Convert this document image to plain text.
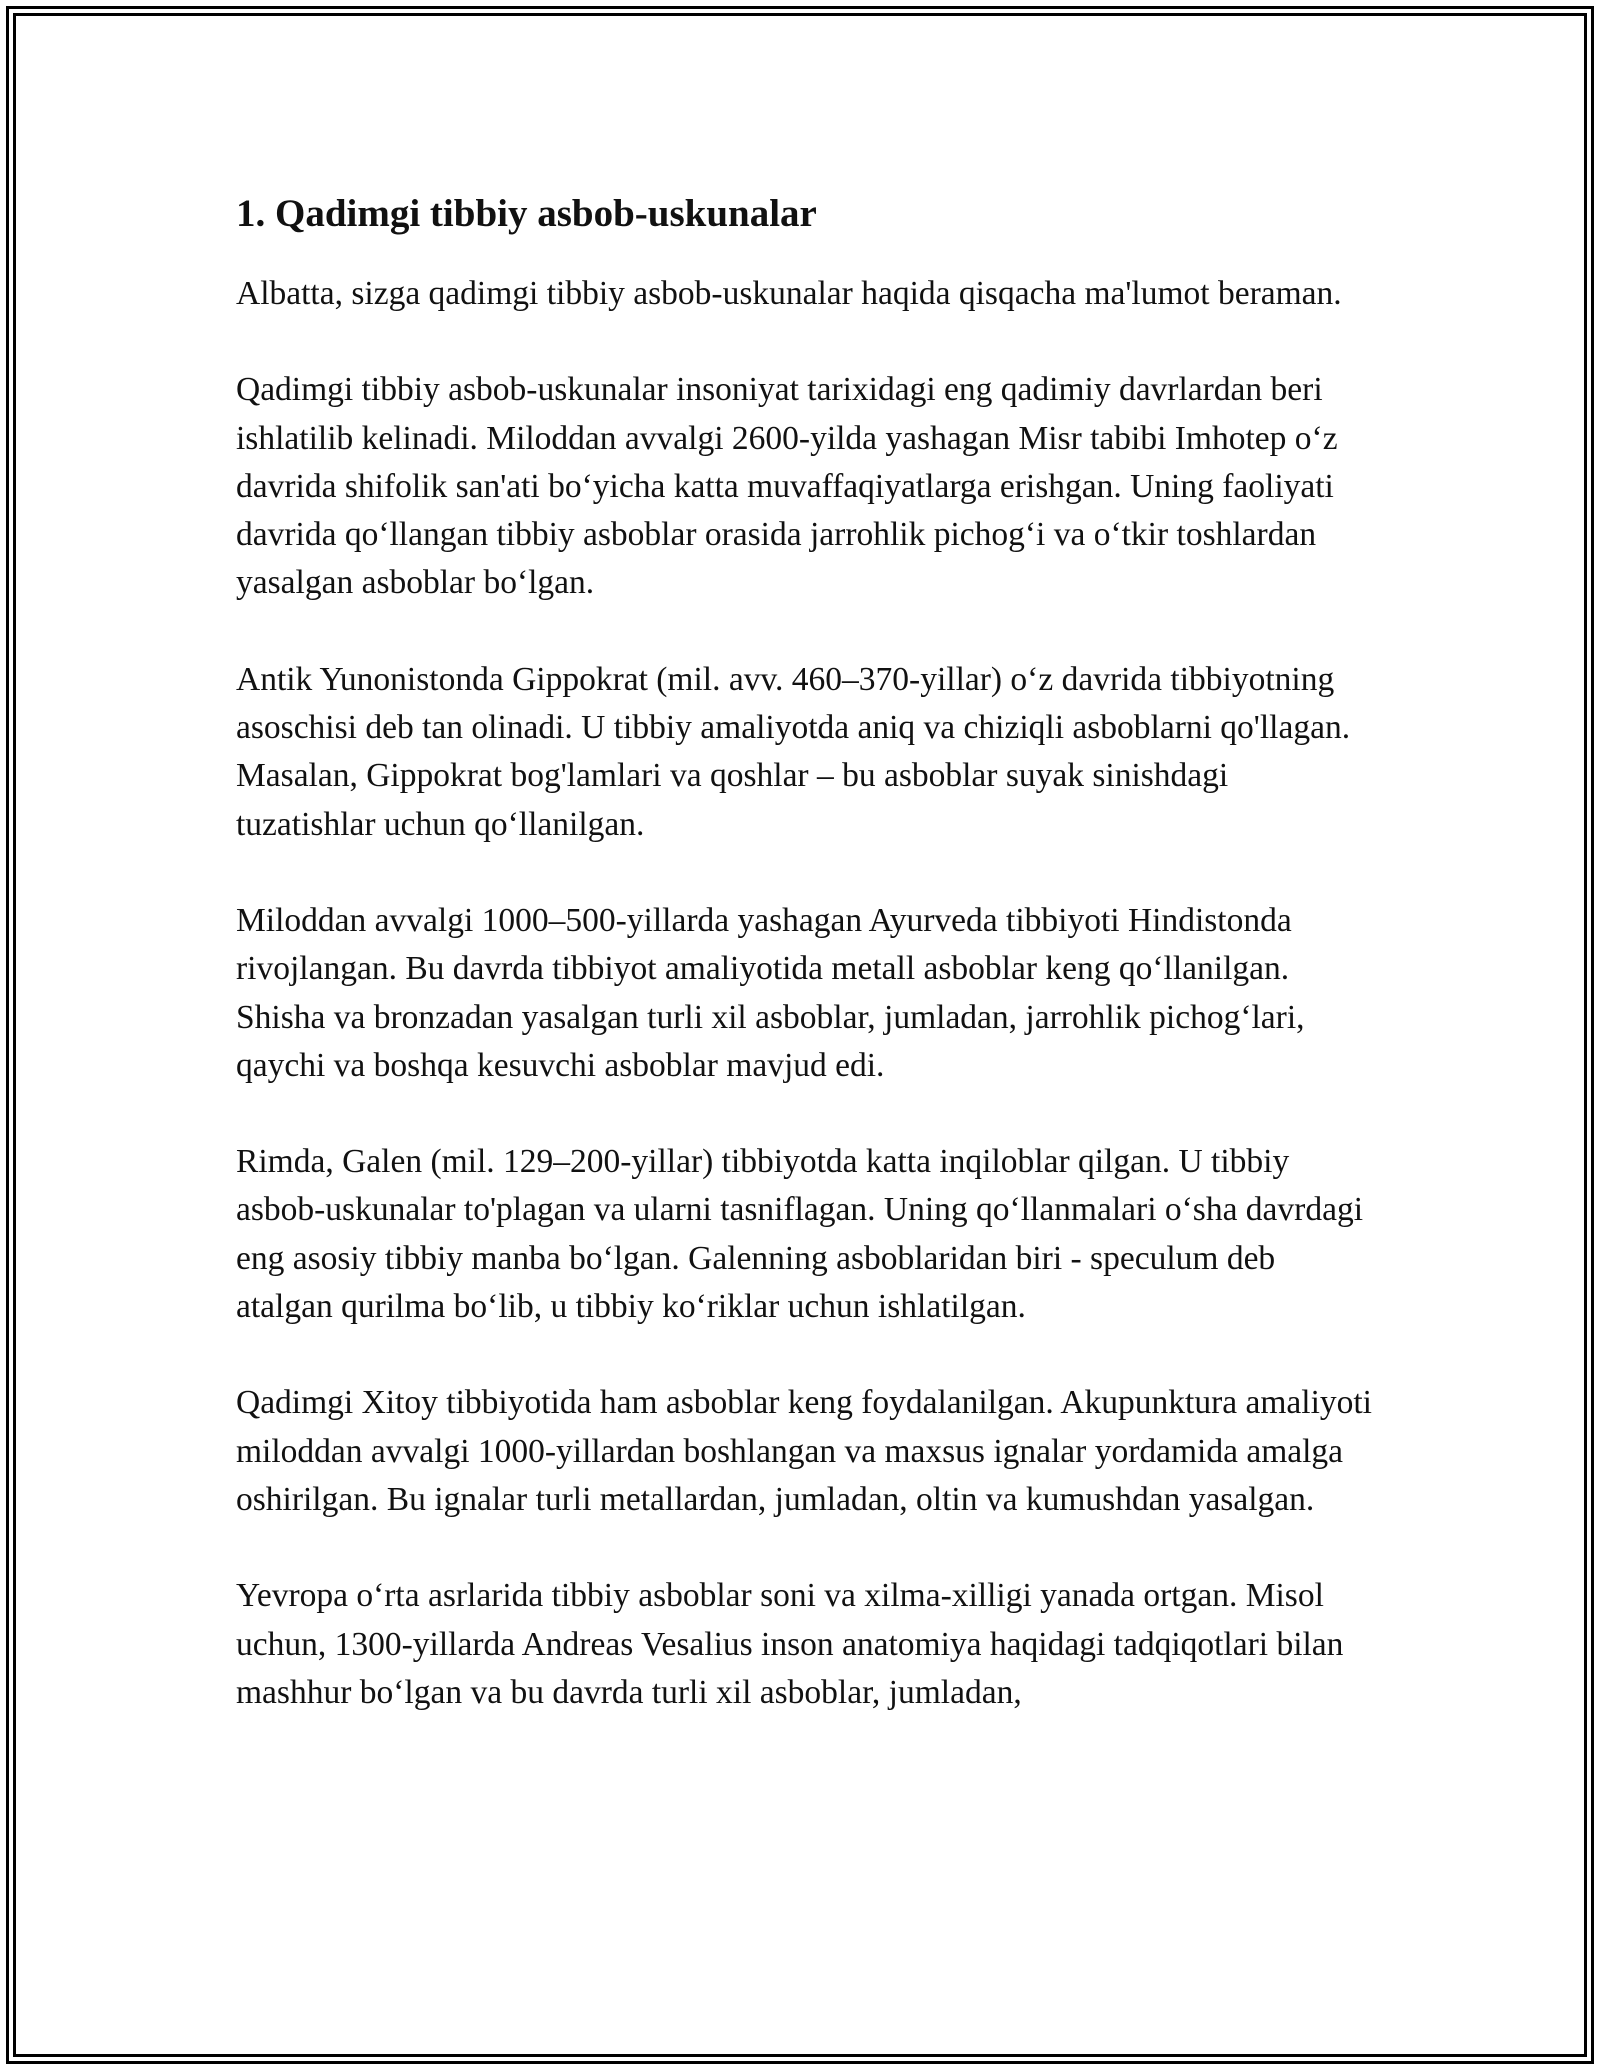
1. Qadimgi tibbiy asbob-uskunalar

Albatta, sizga qadimgi tibbiy asbob-uskunalar haqida qisqacha ma'lumot beraman.

Qadimgi tibbiy asbob-uskunalar insoniyat tarixidagi eng qadimiy davrlardan beri ishlatilib kelinadi. Miloddan avvalgi 2600-yilda yashagan Misr tabibi Imhotep o‘z davrida shifolik san'ati bo‘yicha katta muvaffaqiyatlarga erishgan. Uning faoliyati davrida qo‘llangan tibbiy asboblar orasida jarrohlik pichog‘i va o‘tkir toshlardan yasalgan asboblar bo‘lgan.

Antik Yunonistonda Gippokrat (mil. avv. 460–370-yillar) o‘z davrida tibbiyotning asoschisi deb tan olinadi. U tibbiy amaliyotda aniq va chiziqli asboblarni qo'llagan. Masalan, Gippokrat bog'lamlari va qoshlar – bu asboblar suyak sinishdagi tuzatishlar uchun qo‘llanilgan.

Miloddan avvalgi 1000–500-yillarda yashagan Ayurveda tibbiyoti Hindistonda rivojlangan. Bu davrda tibbiyot amaliyotida metall asboblar keng qo‘llanilgan. Shisha va bronzadan yasalgan turli xil asboblar, jumladan, jarrohlik pichog‘lari, qaychi va boshqa kesuvchi asboblar mavjud edi.

Rimda, Galen (mil. 129–200-yillar) tibbiyotda katta inqiloblar qilgan. U tibbiy asbob-uskunalar to'plagan va ularni tasniflagan. Uning qo‘llanmalari o‘sha davrdagi eng asosiy tibbiy manba bo‘lgan. Galenning asboblaridan biri - speculum deb atalgan qurilma bo‘lib, u tibbiy ko‘riklar uchun ishlatilgan.

Qadimgi Xitoy tibbiyotida ham asboblar keng foydalanilgan. Akupunktura amaliyoti miloddan avvalgi 1000-yillardan boshlangan va maxsus ignalar yordamida amalga oshirilgan. Bu ignalar turli metallardan, jumladan, oltin va kumushdan yasalgan.

Yevropa o‘rta asrlarida tibbiy asboblar soni va xilma-xilligi yanada ortgan. Misol uchun, 1300-yillarda Andreas Vesalius inson anatomiya haqidagi tadqiqotlari bilan mashhur bo‘lgan va bu davrda turli xil asboblar, jumladan,
